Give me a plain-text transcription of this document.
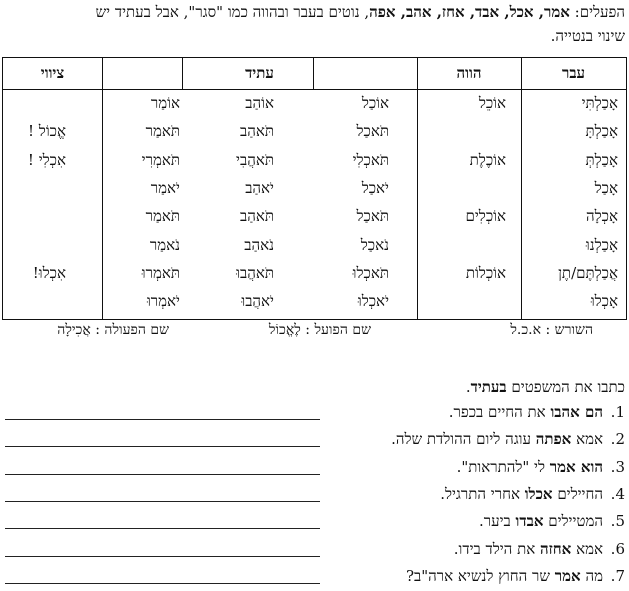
הפעלים: אמר, אכל, אבד, אחז, אהב, אפה, נוטים בעבר ובהווה כמו "סגר", אבל בעתיד יש
שינוי בנטייה.
עבר
הווה
עתיד
ציווי
אָכַלְתִּי
אוֹכֵל
אוֹכַל
אוֹהַב
אוֹמַר
אָכַלְתָּ
תֹּאכַל
תֹּאהַב
תֹּאמַר
אֱכוֹל !
אָכַלְתְּ
אוֹכֶלֶת
תֹּאכְלִי
תֹּאהֲבִי
תֹּאמְרִי
אִכְלִי !
אָכַל
יֹאכַל
יֹאהַב
יֹאמַר
אָכְלָה
אוֹכְלִים
תֹּאכַל
תֹּאהַב
תֹּאמַר
אָכַלְנוּ
נֹאכַל
נֹאהַב
נֹאמַר
אֲכַלְתֶּם/תֶן
אוֹכְלוֹת
תֹּאכְלוּ
תֹּאהֲבוּ
תֹּאמְרוּ
אִכְלוּ!
אָכְלוּ
יֹאכְלוּ
יֹאהֲבוּ
יֹאמְרוּ
השורש : א.כ.ל
שם הפועל : לֶאֱכוֹל
שם הפעולה : אֲכִילָה
כתבו את המשפטים בעתיד.
1.הם אהבו את החיים בכפר.
2.אמא אפתה עוגה ליום ההולדת שלה.
3.הוא אמר לי "להתראות".
4.החיילים אכלו אחרי התרגיל.
5.המטיילים אבדו ביער.
6.אמא אחזה את הילד בידו.
7.מה אמר שר החוץ לנשיא ארה"ב?
